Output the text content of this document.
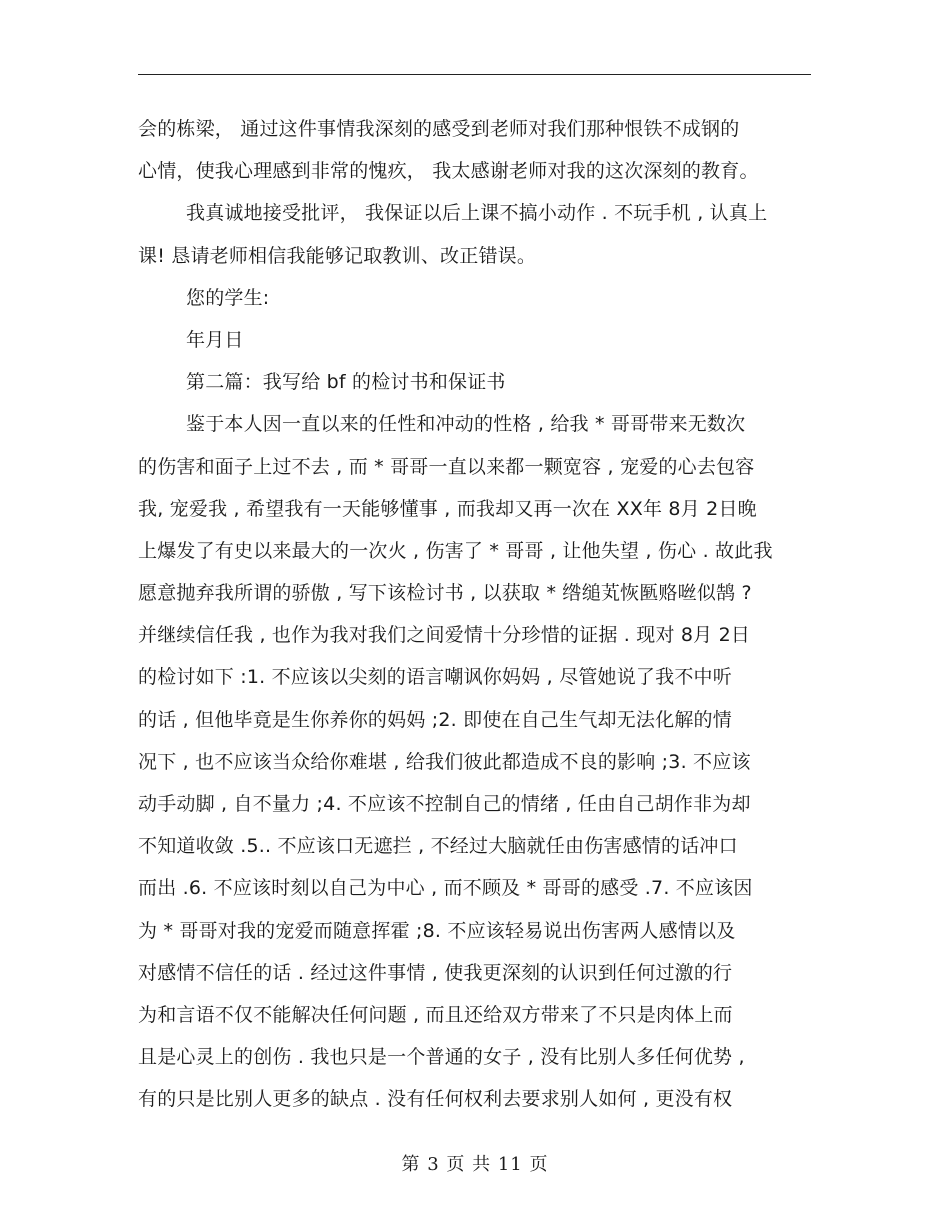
会的栋梁， 通过这件事情我深刻的感受到老师对我们那种恨铁不成钢的
心情，使我心理感到非常的愧疚， 我太感谢老师对我的这次深刻的教育。
我真诚地接受批评， 我保证以后上课不搞小动作 . 不玩手机 , 认真上
课! 恳请老师相信我能够记取教训、改正错误。
您的学生:
年月日
第二篇：我写给 bf 的检讨书和保证书
鉴于本人因一直以来的任性和冲动的性格 , 给我 * 哥哥带来无数次
的伤害和面子上过不去 , 而 * 哥哥一直以来都一颗宽容 , 宠爱的心去包容
我, 宠爱我 , 希望我有一天能够懂事 , 而我却又再一次在 XX年 8月 2日晚
上爆发了有史以来最大的一次火 , 伤害了 * 哥哥 , 让他失望 , 伤心 . 故此我
愿意抛弃我所谓的骄傲 , 写下该检讨书 , 以获取 * 绺缒芄恢匦赂咝似鹄 ?
并继续信任我 , 也作为我对我们之间爱情十分珍惜的证据 . 现对 8月 2日
的检讨如下 :1. 不应该以尖刻的语言嘲讽你妈妈 , 尽管她说了我不中听
的话 , 但他毕竟是生你养你的妈妈 ;2. 即使在自己生气却无法化解的情
况下 , 也不应该当众给你难堪 , 给我们彼此都造成不良的影响 ;3. 不应该
动手动脚 , 自不量力 ;4. 不应该不控制自己的情绪 , 任由自己胡作非为却
不知道收敛 .5.. 不应该口无遮拦 , 不经过大脑就任由伤害感情的话冲口
而出 .6. 不应该时刻以自己为中心 , 而不顾及 * 哥哥的感受 .7. 不应该因
为 * 哥哥对我的宠爱而随意挥霍 ;8. 不应该轻易说出伤害两人感情以及
对感情不信任的话 . 经过这件事情 , 使我更深刻的认识到任何过激的行
为和言语不仅不能解决任何问题 , 而且还给双方带来了不只是肉体上而
且是心灵上的创伤 . 我也只是一个普通的女子 , 没有比别人多任何优势 ,
有的只是比别人更多的缺点 . 没有任何权利去要求别人如何 , 更没有权
第 3 页 共 11 页
